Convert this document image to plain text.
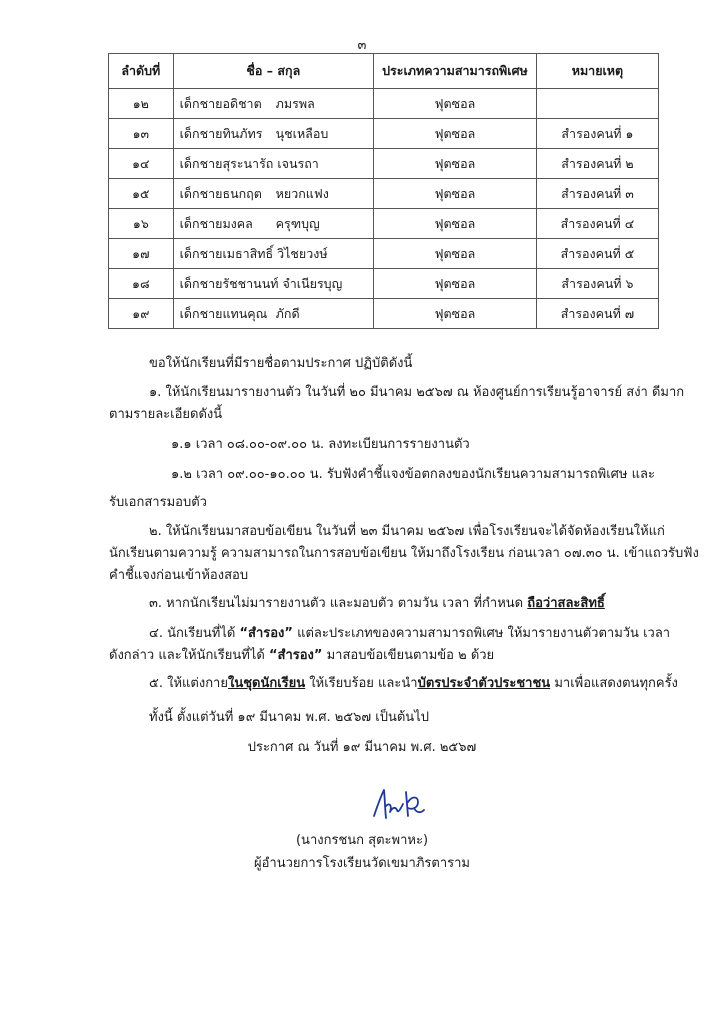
๓
ลำดับที่	ชื่อ – สกุล	ประเภทความสามารถพิเศษ	หมายเหตุ
๑๒	เด็กชายอดิชาต ภมรพล	ฟุตซอล	
๑๓	เด็กชายทินภัทร นุชเหลือบ	ฟุตซอล	สำรองคนที่ ๑
๑๔	เด็กชายสุระนารัถ เจนรถา	ฟุตซอล	สำรองคนที่ ๒
๑๕	เด็กชายธนกฤต หยวกแฟง	ฟุตซอล	สำรองคนที่ ๓
๑๖	เด็กชายมงคล ครุฑบุญ	ฟุตซอล	สำรองคนที่ ๔
๑๗	เด็กชายเมธาสิทธิ์ วิไชยวงษ์	ฟุตซอล	สำรองคนที่ ๕
๑๘	เด็กชายรัชชานนท์ จำเนียรบุญ	ฟุตซอล	สำรองคนที่ ๖
๑๙	เด็กชายแทนคุณ ภักดี	ฟุตซอล	สำรองคนที่ ๗

ขอให้นักเรียนที่มีรายชื่อตามประกาศ ปฏิบัติดังนี้

๑. ให้นักเรียนมารายงานตัว ในวันที่ ๒๐ มีนาคม ๒๕๖๗ ณ ห้องศูนย์การเรียนรู้อาจารย์ สง่า ดีมาก

ตามรายละเอียดดังนี้

๑.๑ เวลา ๐๘.๐๐-๐๙.๐๐ น. ลงทะเบียนการรายงานตัว

๑.๒ เวลา ๐๙.๐๐-๑๐.๐๐ น. รับฟังคำชี้แจงข้อตกลงของนักเรียนความสามารถพิเศษ และ

รับเอกสารมอบตัว

๒. ให้นักเรียนมาสอบข้อเขียน ในวันที่ ๒๓ มีนาคม ๒๕๖๗ เพื่อโรงเรียนจะได้จัดห้องเรียนให้แก่

นักเรียนตามความรู้ ความสามารถในการสอบข้อเขียน ให้มาถึงโรงเรียน ก่อนเวลา ๐๗.๓๐ น. เข้าแถวรับฟัง

คำชี้แจงก่อนเข้าห้องสอบ

๓. หากนักเรียนไม่มารายงานตัว และมอบตัว ตามวัน เวลา ที่กำหนด ถือว่าสละสิทธิ์

๔. นักเรียนที่ได้ “สำรอง” แต่ละประเภทของความสามารถพิเศษ ให้มารายงานตัวตามวัน เวลา

ดังกล่าว และให้นักเรียนที่ได้ “สำรอง” มาสอบข้อเขียนตามข้อ ๒ ด้วย

๕. ให้แต่งกายในชุดนักเรียน ให้เรียบร้อย และนำบัตรประจำตัวประชาชน มาเพื่อแสดงตนทุกครั้ง

ทั้งนี้ ตั้งแต่วันที่ ๑๙ มีนาคม พ.ศ. ๒๕๖๗ เป็นต้นไป

ประกาศ ณ วันที่ ๑๙ มีนาคม พ.ศ. ๒๕๖๗
(นางกรชนก สุตะพาหะ)
ผู้อำนวยการโรงเรียนวัดเขมาภิรตาราม
